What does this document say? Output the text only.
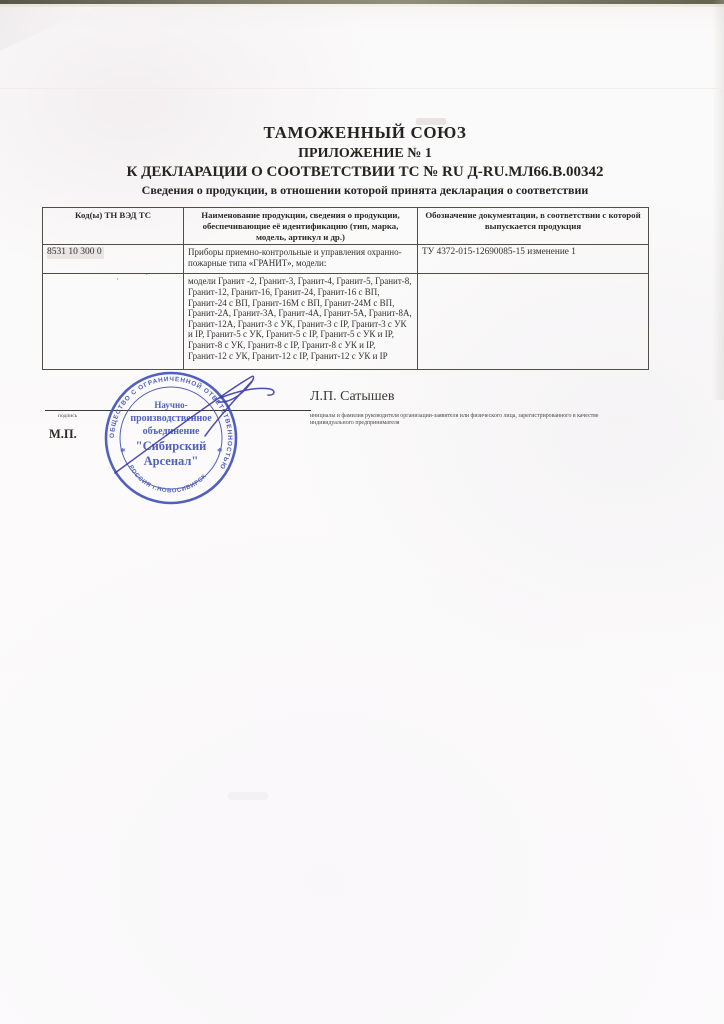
ТАМОЖЕННЫЙ СОЮЗ
ПРИЛОЖЕНИЕ № 1
К ДЕКЛАРАЦИИ О СООТВЕТСТВИИ ТС № RU Д-RU.МЛ66.В.00342
Сведения о продукции, в отношении которой принята декларация о соответствии
Код(ы) ТН ВЭД ТС	Наименование продукции, сведения о продукции, обеспечивающие её идентификацию (тип, марка, модель, артикул и др.)	Обозначение документации, в соответствии с которой выпускается продукция
8531 10 300 0	Приборы приемно-контрольные и управления охранно-пожарные типа «ГРАНИТ», модели:	ТУ 4372-015-12690085-15 изменение 1
	модели Гранит -2, Гранит-3, Гранит-4, Гранит-5, Гранит-8, Гранит-12, Гранит-16, Гранит-24, Гранит-16 с ВП, Гранит-24 с ВП, Гранит-16М с ВП, Гранит-24М с ВП, Гранит-2А, Гранит-3А, Гранит-4А, Гранит-5А, Гранит-8А, Гранит-12А, Гранит-3 с УК, Гранит-3 с IP, Гранит-3 с УК и IP, Гранит-5 с УК, Гранит-5 с IP, Гранит-5 с УК и IP, Гранит-8 с УК, Гранит-8 с IP, Гранит-8 с УК и IP, Гранит-12 с УК, Гранит-12 с IP, Гранит-12 с УК и IP	
·	ˋ
подпись
М.П.
Л.П. Сатышев
инициалы и фамилия руководителя организации-заявителя или физического лица, зарегистрированного в качестве
индивидуального предпринимателя
ОБЩЕСТВО С ОГРАНИЧЕННОЙ ОТВЕТСТВЕННОСТЬЮ
РОССИЯ г.НОВОСИБИРСК
*	*
Научно-
производственное
объединение
"Сибирский
Арсенал"
